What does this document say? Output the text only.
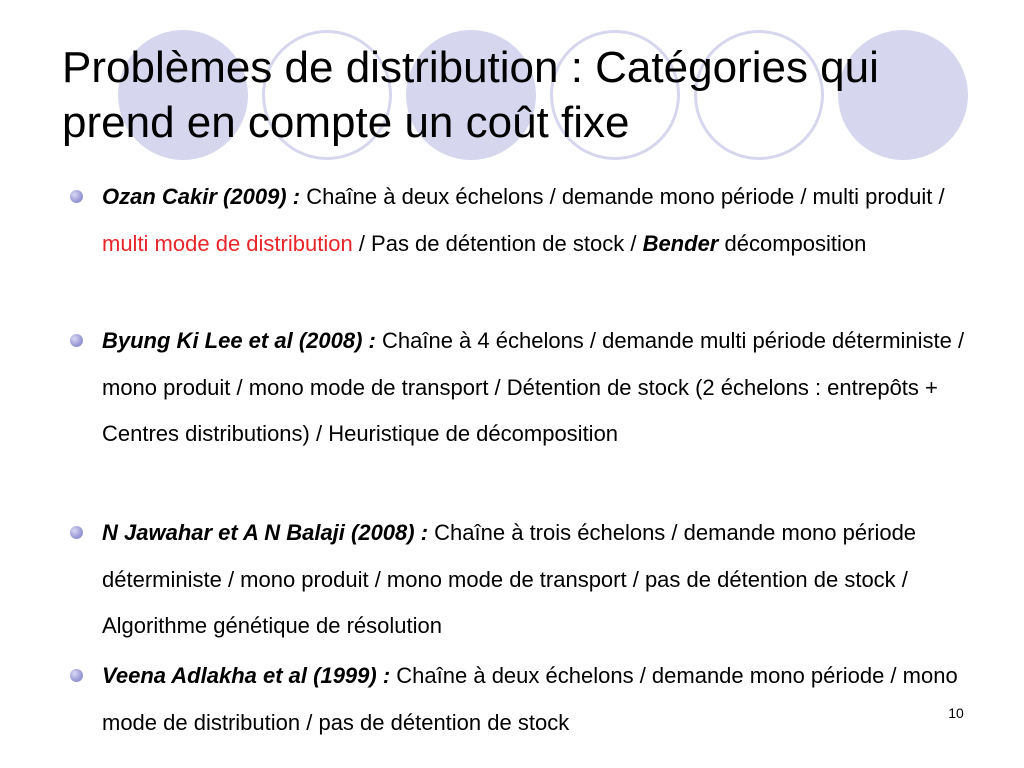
Problèmes de distribution : Catégories qui prend en compte un coût fixe
Ozan Cakir (2009) : Chaîne à deux échelons / demande mono période / multi produit / multi mode de distribution / Pas de détention de stock / Bender décomposition
Byung Ki Lee et al (2008) : Chaîne à 4 échelons / demande multi période déterministe / mono produit / mono mode de transport / Détention de stock (2 échelons : entrepôts + Centres distributions) / Heuristique de décomposition
N Jawahar et A N Balaji (2008) : Chaîne à trois échelons / demande mono période déterministe / mono produit / mono mode de transport / pas de détention de stock / Algorithme génétique de résolution
Veena Adlakha et al (1999) : Chaîne à deux échelons / demande mono période / mono mode de distribution / pas de détention de stock	10
